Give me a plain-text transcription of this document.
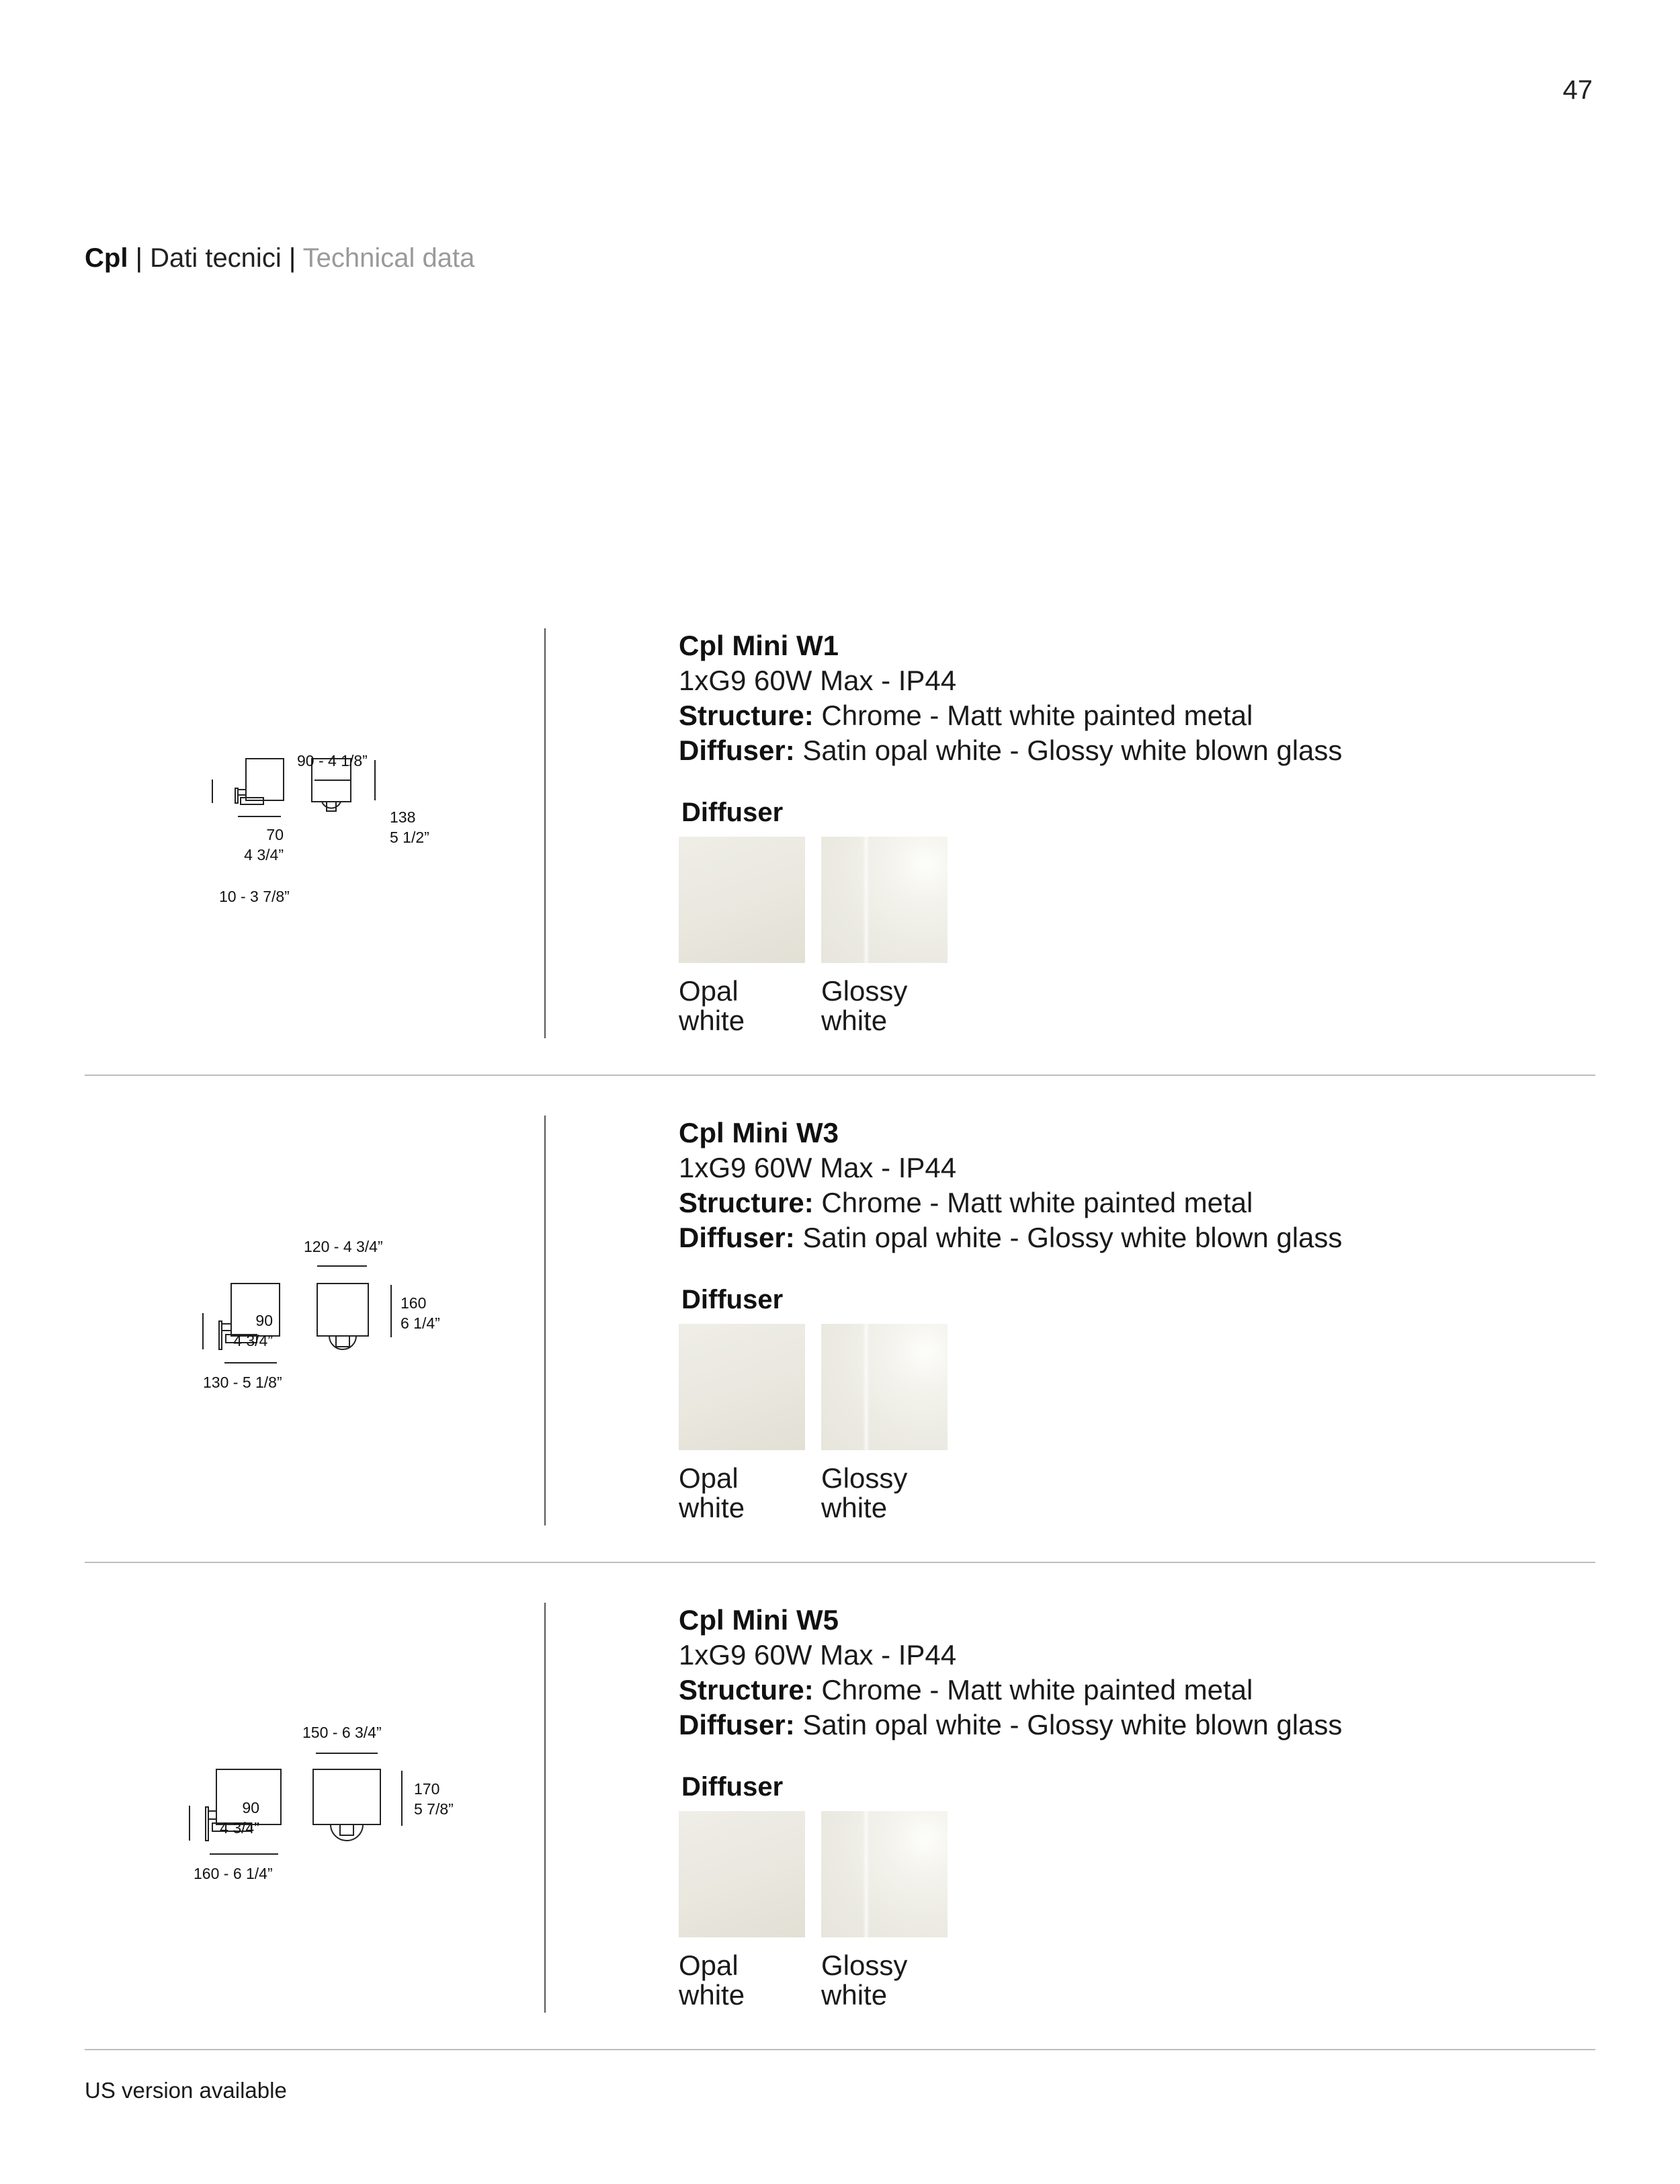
47
Cpl | Dati tecnici | Technical data
90 - 4 1/8”
138
5 1/2”
70
4 3/4”
10 - 3 7/8”
Cpl Mini W1
1xG9 60W Max - IP44
Structure: Chrome - Matt white painted metal
Diffuser: Satin opal white - Glossy white blown glass
Diffuser
Opal
white
Glossy
white
120 - 4 3/4”
160
6 1/4”
90
4 3/4”
130 - 5 1/8”
Cpl Mini W3
1xG9 60W Max - IP44
Structure: Chrome - Matt white painted metal
Diffuser: Satin opal white - Glossy white blown glass
Diffuser
Opal
white
Glossy
white
150 - 6 3/4”
170
5 7/8”
90
4 3/4”
160 - 6 1/4”
Cpl Mini W5
1xG9 60W Max - IP44
Structure: Chrome - Matt white painted metal
Diffuser: Satin opal white - Glossy white blown glass
Diffuser
Opal
white
Glossy
white
US version available
